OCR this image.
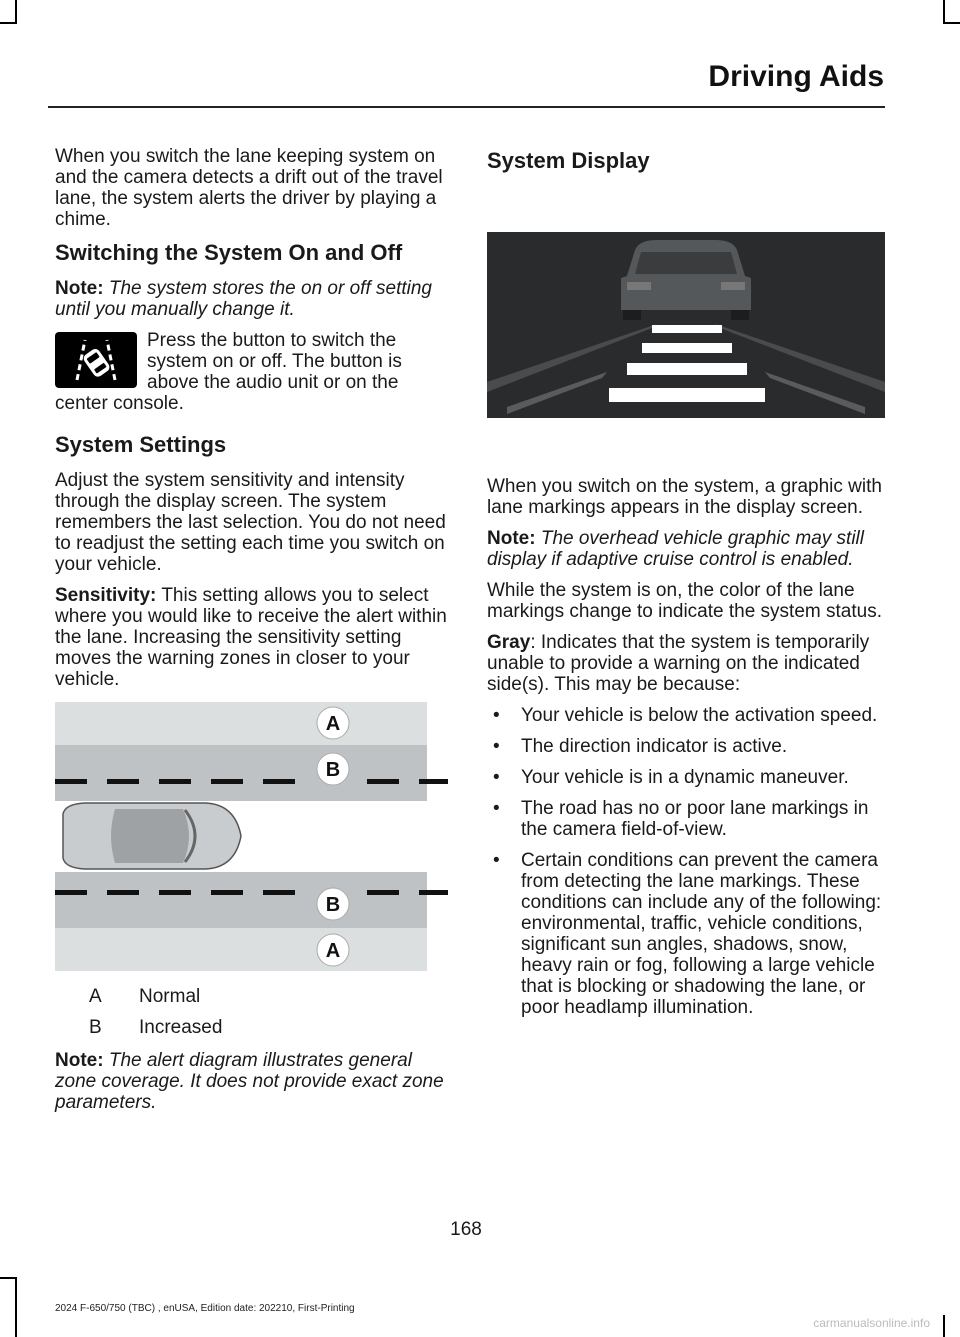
Driving Aids

When you switch the lane keeping system on and the camera detects a drift out of the travel lane, the system alerts the driver by playing a chime.

Switching the System On and Off

Note: The system stores the on or off setting until you manually change it.

Press the button to switch the system on or off. The button is above the audio unit or on the center console.

System Settings

Adjust the system sensitivity and intensity through the display screen. The system remembers the last selection. You do not need to readjust the setting each time you switch on your vehicle.

Sensitivity: This setting allows you to select where you would like to receive the alert within the lane. Increasing the sensitivity setting moves the warning zones in closer to your vehicle.

A
B
B
A
A	Normal
B	Increased

Note: The alert diagram illustrates general zone coverage. It does not provide exact zone parameters.

System Display

When you switch on the system, a graphic with lane markings appears in the display screen.

Note: The overhead vehicle graphic may still display if adaptive cruise control is enabled.

While the system is on, the color of the lane markings change to indicate the system status.

Gray: Indicates that the system is temporarily unable to provide a warning on the indicated side(s). This may be because:

• Your vehicle is below the activation speed.
• The direction indicator is active.
• Your vehicle is in a dynamic maneuver.
• The road has no or poor lane markings in the camera field-of-view.
• Certain conditions can prevent the camera from detecting the lane markings. These conditions can include any of the following: environmental, traffic, vehicle conditions, significant sun angles, shadows, snow, heavy rain or fog, following a large vehicle that is blocking or shadowing the lane, or poor headlamp illumination.
168
2024 F-650/750 (TBC) , enUSA, Edition date: 202210, First-Printing
carmanualsonline.info
